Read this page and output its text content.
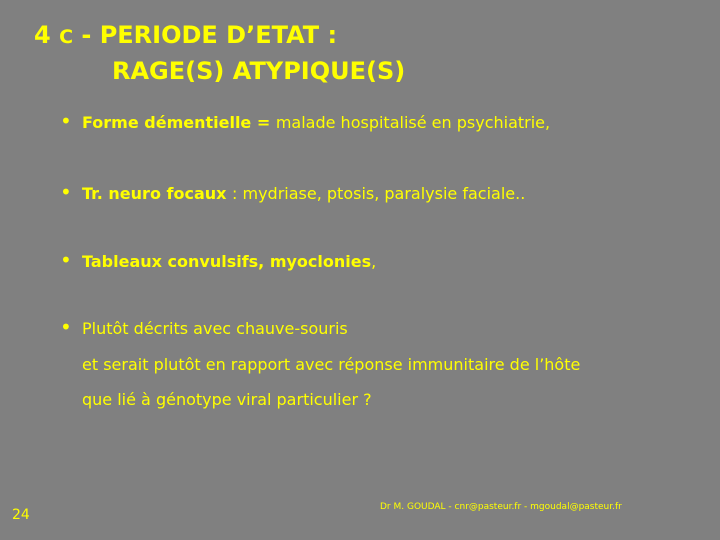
4 C - PERIODE D’ETAT :
RAGE(S) ATYPIQUE(S)
• Forme démentielle = malade hospitalisé en psychiatrie,
• Tr. neuro focaux : mydriase, ptosis, paralysie faciale..
• Tableaux convulsifs, myoclonies,
• Plutôt décrits avec chauve-souris
et serait plutôt en rapport avec réponse immunitaire de l’hôte
que lié à génotype viral particulier ?
24	Dr M. GOUDAL - cnr@pasteur.fr - mgoudal@pasteur.fr
